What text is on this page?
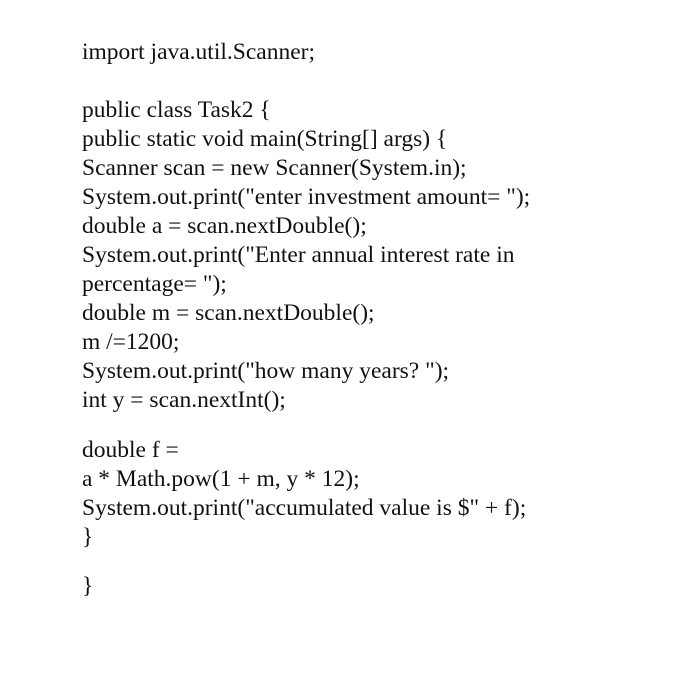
import java.util.Scanner;
public class Task2 {
public static void main(String[] args) {
Scanner scan = new Scanner(System.in);
System.out.print("enter investment amount= ");
double a = scan.nextDouble();
System.out.print("Enter annual interest rate in
percentage= ");
double m = scan.nextDouble();
m /=1200;
System.out.print("how many years? ");
int y = scan.nextInt();
double f =
a * Math.pow(1 + m, y * 12);
System.out.print("accumulated value is $" + f);
}
}
